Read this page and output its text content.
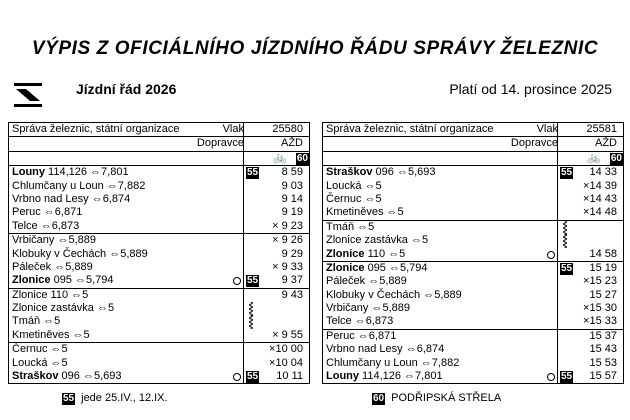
VÝPIS Z OFICIÁLNÍHO JÍZDNÍHO ŘÁDU SPRÁVY ŽELEZNIC
Jízdní řád 2026	Platí od 14. prosince 2025
Správa železnic, státní organizace	Vlak	25580
Dopravce	AŽD
🚲 60
Louny 114,126 ⇔7,801	55 8 59
Chlumčany u Loun ⇔7,882	9 03
Vrbno nad Lesy ⇔6,874	9 14
Peruc ⇔6,871	9 19
Telce ⇔6,873	× 9 23
Vrbičany ⇔5,889	× 9 26
Klobuky v Čechách ⇔5,889	9 29
Páleček ⇔5,889	× 9 33
Zlonice 095 ⇔5,794	55 9 37
Zlonice 110 ⇔5	9 43
Zlonice zastávka ⇔5
Tmáň ⇔5
Kmetiněves ⇔5	× 9 55
Černuc ⇔5	×10 00
Loucká ⇔5	×10 04
Straškov 096 ⇔5,693	55 10 11
Správa železnic, státní organizace	Vlak	25581
Dopravce	AŽD
🚲 60
Straškov 096 ⇔5,693	55 14 33
Loucká ⇔5	×14 39
Černuc ⇔5	×14 43
Kmetiněves ⇔5	×14 48
Tmáň ⇔5
Zlonice zastávka ⇔5
Zlonice 110 ⇔5	14 58
Zlonice 095 ⇔5,794	55 15 19
Páleček ⇔5,889	×15 23
Klobuky v Čechách ⇔5,889	15 27
Vrbičany ⇔5,889	×15 30
Telce ⇔6,873	×15 33
Peruc ⇔6,871	15 37
Vrbno nad Lesy ⇔6,874	15 43
Chlumčany u Loun ⇔7,882	15 53
Louny 114,126 ⇔7,801	55 15 57
55 jede 25.IV., 12.IX.	60 PODŘIPSKÁ STŘELA
